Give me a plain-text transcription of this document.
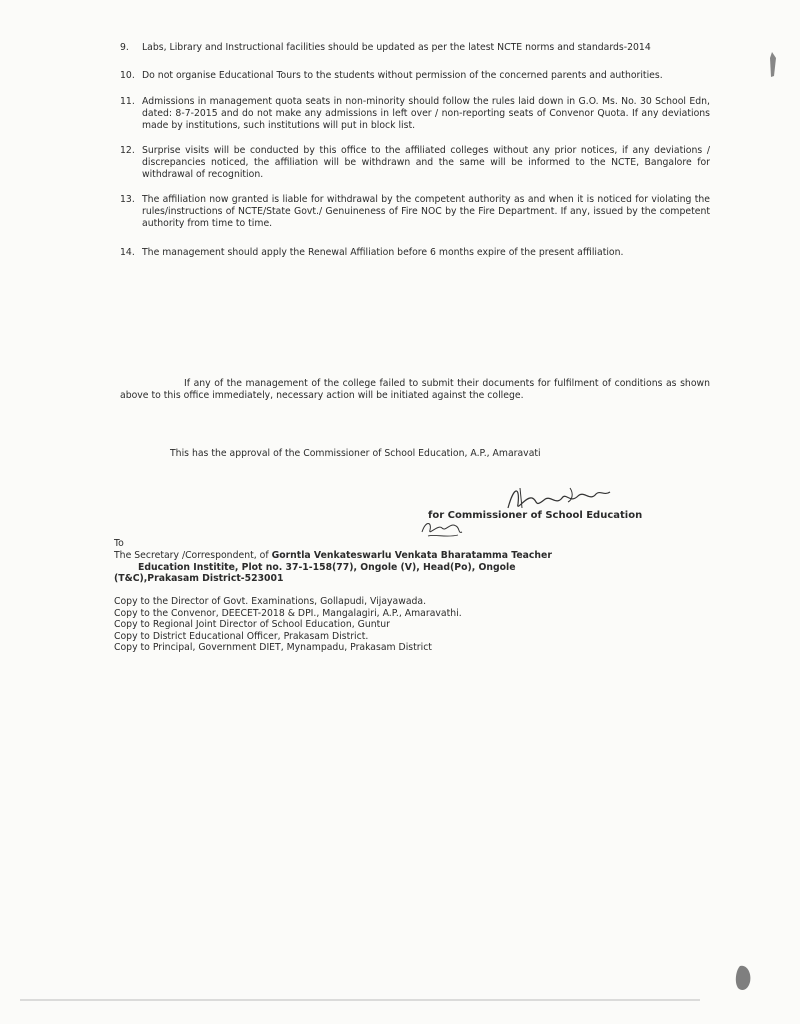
9.	Labs, Library and Instructional facilities should be updated as per the latest NCTE norms and standards-2014
10. Do not organise Educational Tours to the students without permission of the concerned parents and authorities.
11. Admissions in management quota seats in non-minority should follow the rules laid down in G.O. Ms. No. 30 School Edn, dated: 8-7-2015 and do not make any admissions in left over / non-reporting seats of Convenor Quota. If any deviations made by institutions, such institutions will put in block list.
12. Surprise visits will be conducted by this office to the affiliated colleges without any prior notices, if any deviations / discrepancies noticed, the affiliation will be withdrawn and the same will be informed to the NCTE, Bangalore for withdrawal of recognition.
13. The affiliation now granted is liable for withdrawal by the competent authority as and when it is noticed for violating the rules/instructions of NCTE/State Govt./ Genuineness of Fire NOC by the Fire Department. If any, issued by the competent authority from time to time.
14. The management should apply the Renewal Affiliation before 6 months expire of the present affiliation.

If any of the management of the college failed to submit their documents for fulfilment of conditions as shown above to this office immediately, necessary action will be initiated against the college.

This has the approval of the Commissioner of School Education, A.P., Amaravati

for Commissioner of School Education
To
The Secretary /Correspondent, of Gorntla Venkateswarlu Venkata Bharatamma Teacher
Education Institite, Plot no. 37-1-158(77), Ongole (V), Head(Po), Ongole
(T&C),Prakasam District-523001
Copy to the Director of Govt. Examinations, Gollapudi, Vijayawada.
Copy to the Convenor, DEECET-2018 & DPI., Mangalagiri, A.P., Amaravathi.
Copy to Regional Joint Director of School Education, Guntur
Copy to District Educational Officer, Prakasam District.
Copy to Principal, Government DIET, Mynampadu, Prakasam District
